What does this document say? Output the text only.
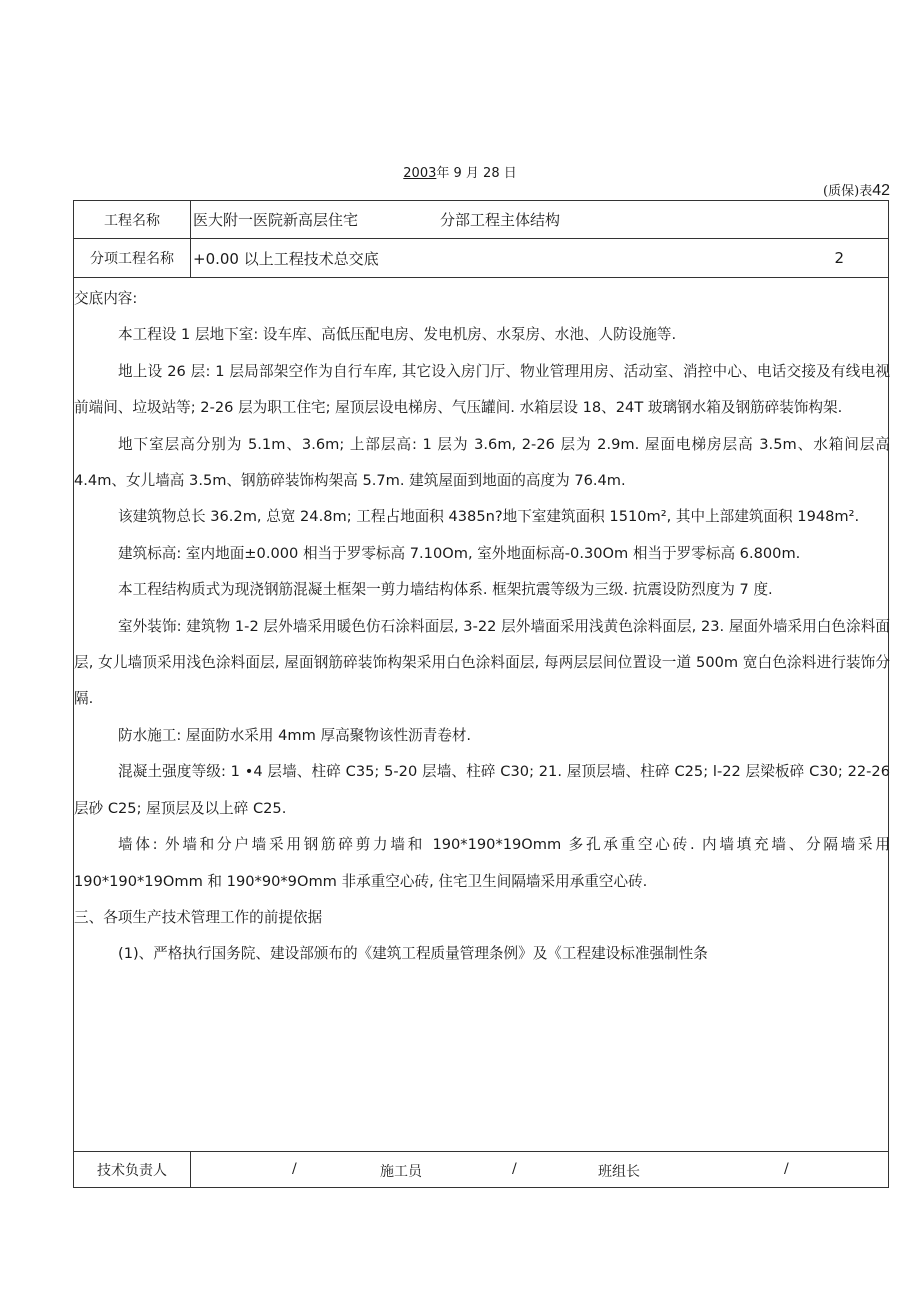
2003年 9 月 28 日
(质保)表42
工程名称	医大附一医院新高层住宅	分部工程主体结构
分项工程名称	+0.00 以上工程技术总交底	2

交底内容:

本工程设 1 层地下室: 设车库、高低压配电房、发电机房、水泵房、水池、人防设施等.

地上设 26 层: 1 层局部架空作为自行车库, 其它设入房门厅、物业管理用房、活动室、消控中心、电话交接及有线电视前端间、垃圾站等; 2-26 层为职工住宅; 屋顶层设电梯房、气压罐间. 水箱层设 18、24T 玻璃钢水箱及钢筋碎装饰构架.

地下室层高分别为 5.1m、3.6m; 上部层高: 1 层为 3.6m, 2-26 层为 2.9m. 屋面电梯房层高 3.5m、水箱间层高 4.4m、女儿墙高 3.5m、钢筋碎装饰构架高 5.7m. 建筑屋面到地面的高度为 76.4m.

该建筑物总长 36.2m, 总宽 24.8m; 工程占地面积 4385n?地下室建筑面积 1510m², 其中上部建筑面积 1948m².

建筑标高: 室内地面±0.000 相当于罗零标高 7.10Om, 室外地面标高-0.30Om 相当于罗零标高 6.800m.

本工程结构质式为现浇钢筋混凝土框架一剪力墙结构体系. 框架抗震等级为三级. 抗震设防烈度为 7 度.

室外装饰: 建筑物 1-2 层外墙采用暖色仿石涂料面层, 3-22 层外墙面采用浅黄色涂料面层, 23. 屋面外墙采用白色涂料面层, 女儿墙顶采用浅色涂料面层, 屋面钢筋碎装饰构架采用白色涂料面层, 每两层层间位置设一道 500m 宽白色涂料进行装饰分隔.

防水施工: 屋面防水采用 4mm 厚高聚物该性沥青卷材.

混凝土强度等级: 1 •4 层墙、柱碎 C35; 5-20 层墙、柱碎 C30; 21. 屋顶层墙、柱碎 C25; l-22 层梁板碎 C30; 22-26 层砂 C25; 屋顶层及以上碎 C25.

墙体: 外墙和分户墙采用钢筋碎剪力墙和 190*190*19Omm 多孔承重空心砖. 内墙填充墙、分隔墙采用 190*190*19Omm 和 190*90*9Omm 非承重空心砖, 住宅卫生间隔墙采用承重空心砖.

三、各项生产技术管理工作的前提依据

(1)、严格执行国务院、建设部颁布的《建筑工程质量管理条例》及《工程建设标准强制性条

技术负责人	/	施工员	/	班组长	/
